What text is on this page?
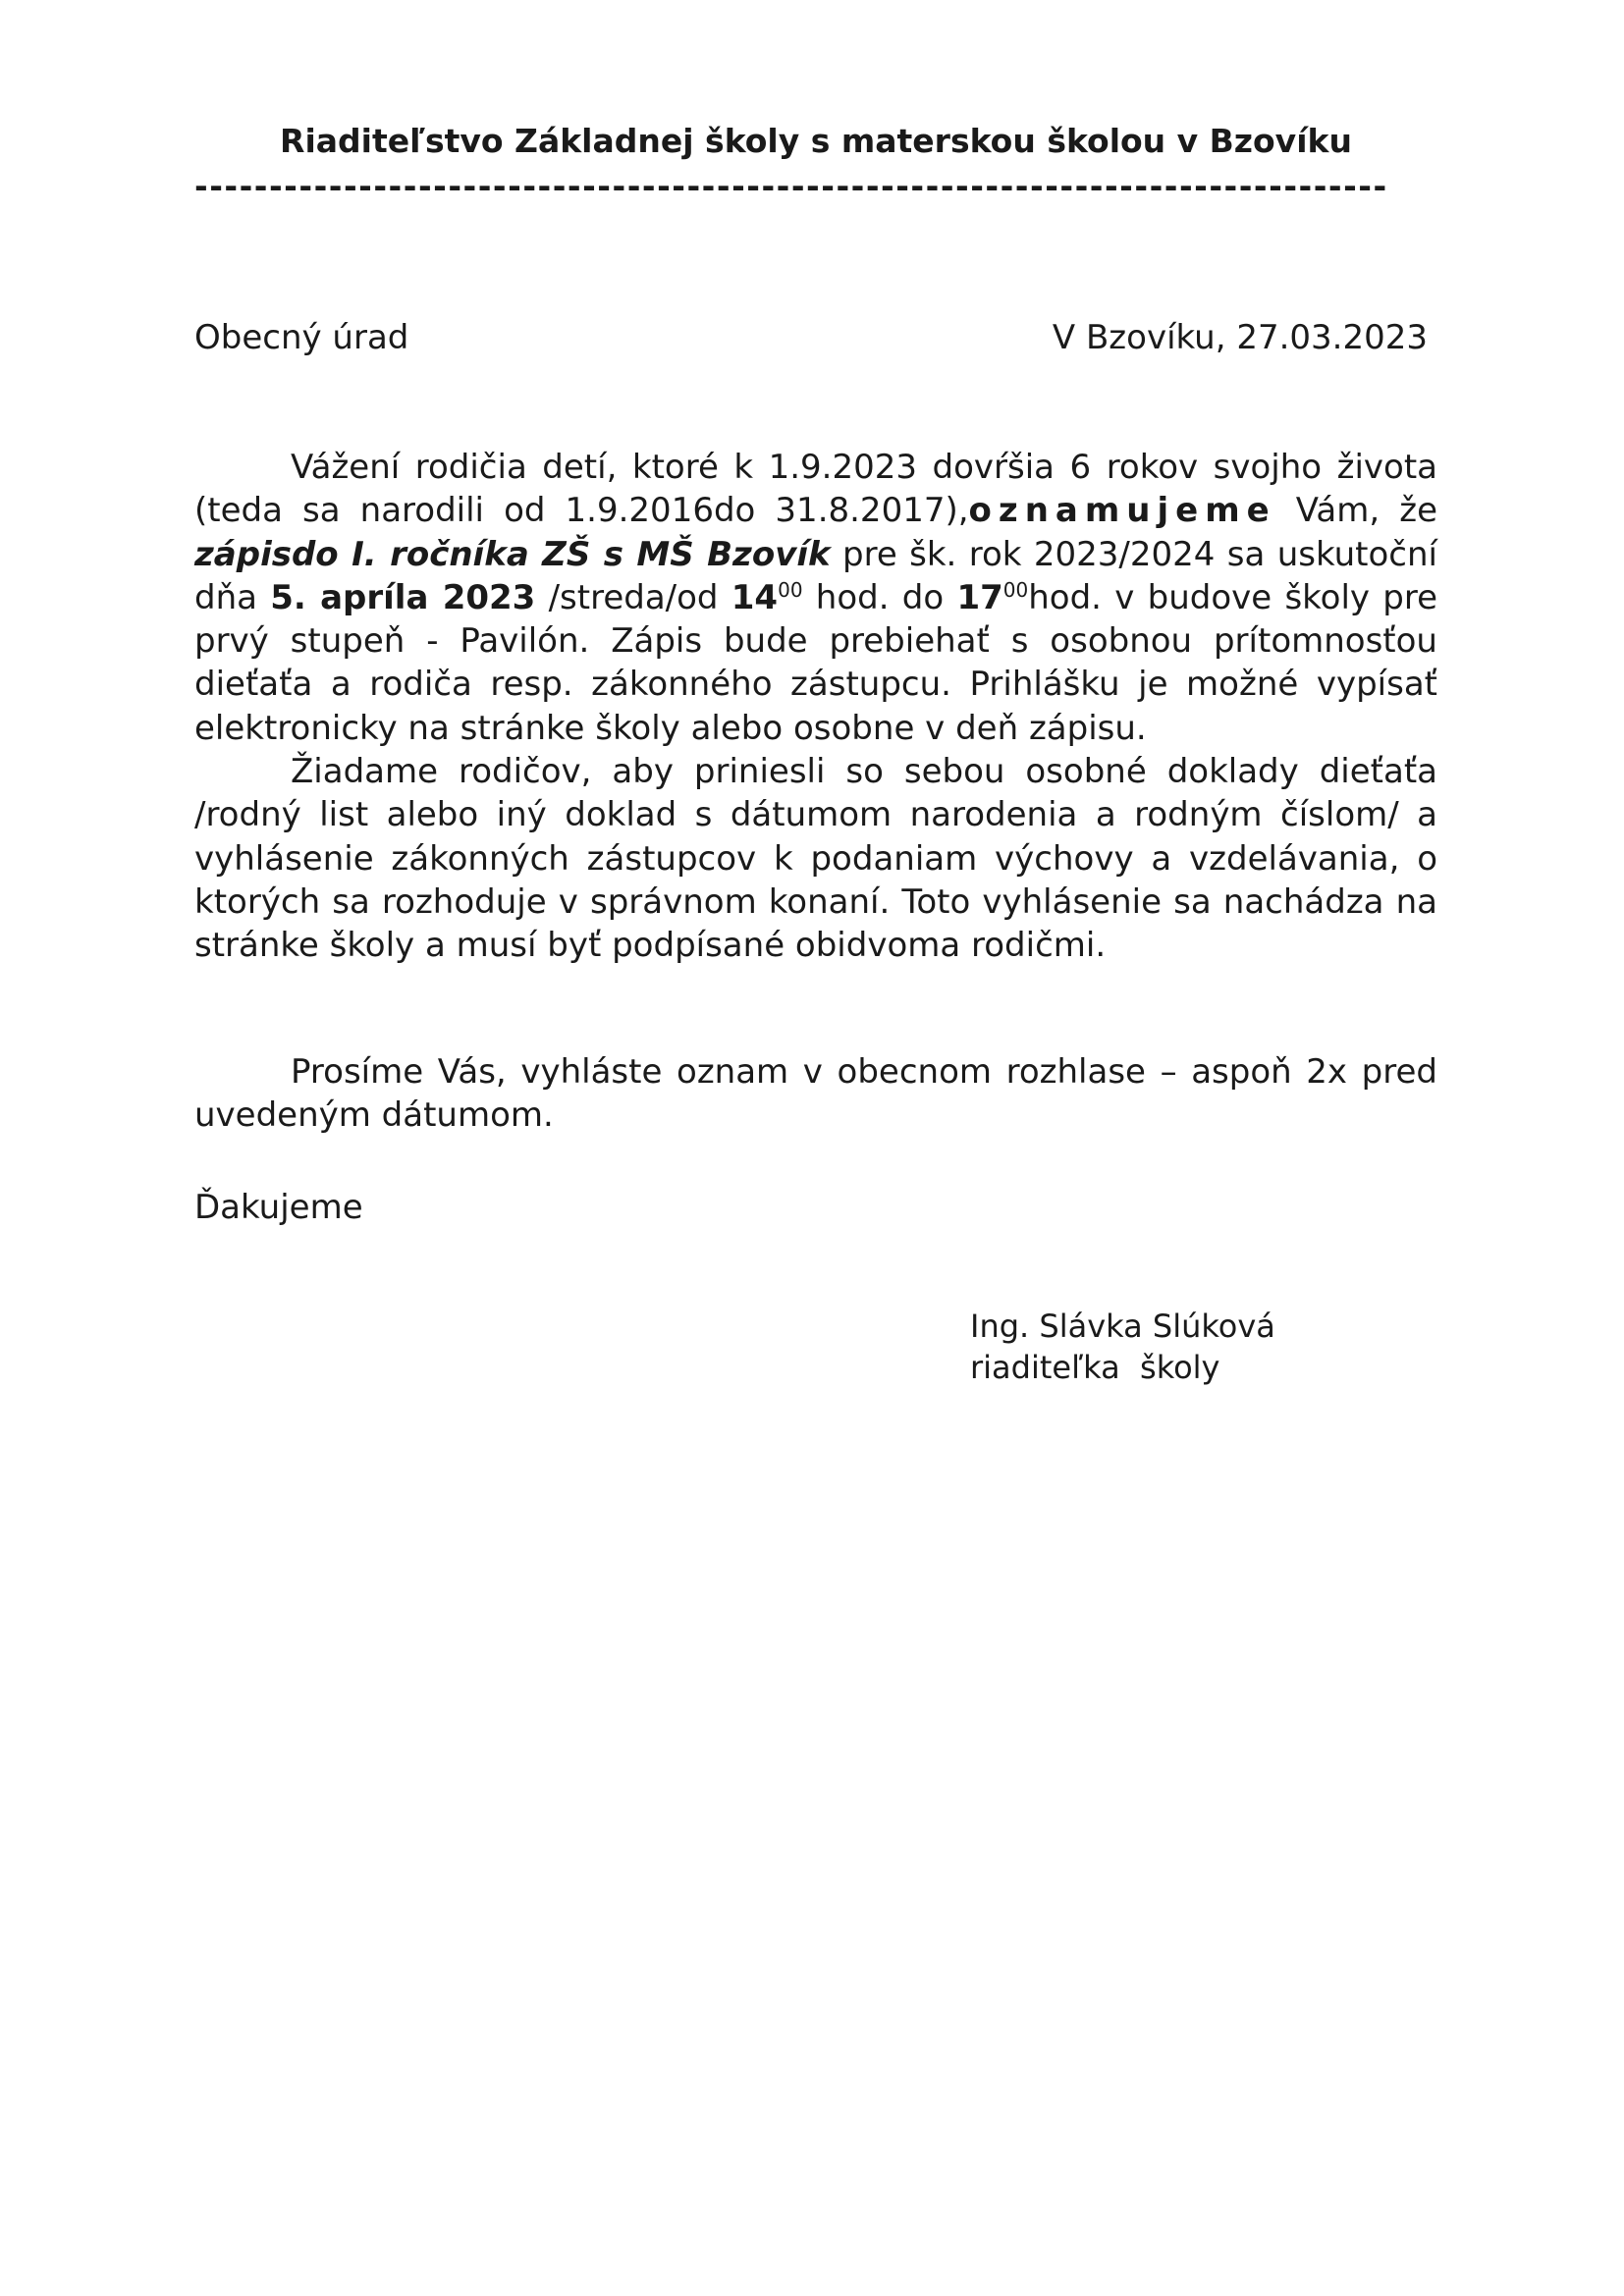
Riaditeľstvo Základnej školy s materskou školou v Bzovíku
--------------------------------------------------------------------------------
Obecný úrad	V Bzovíku, 27.03.2023

Vážení rodičia detí, ktoré k 1.9.2023 dovŕšia 6 rokov svojho života (teda sa narodili od 1.9.2016do 31.8.2017),oznamujeme Vám, že zápisdo I. ročníka ZŠ s MŠ Bzovík pre šk. rok 2023/2024 sa uskutoční dňa 5. apríla 2023 /streda/od $14^{00}$ hod. do $17^{00}hod$. v budove školy pre prvý stupeň - Pavilón. Zápis bude prebiehať s osobnou prítomnosťou dieťaťa a rodiča resp. zákonného zástupcu. Prihlášku je možné vypísať elektronicky na stránke školy alebo osobne v deň zápisu.

Žiadame rodičov, aby priniesli so sebou osobné doklady dieťaťa /rodný list alebo iný doklad s dátumom narodenia a rodným číslom/ a vyhlásenie zákonných zástupcov k podaniam výchovy a vzdelávania, o ktorých sa rozhoduje v správnom konaní. Toto vyhlásenie sa nachádza na stránke školy a musí byť podpísané obidvoma rodičmi.

Prosíme Vás, vyhláste oznam v obecnom rozhlase – aspoň 2x pred uvedeným dátumom.

Ďakujeme
Ing. Slávka Slúková
riaditeľka  školy
